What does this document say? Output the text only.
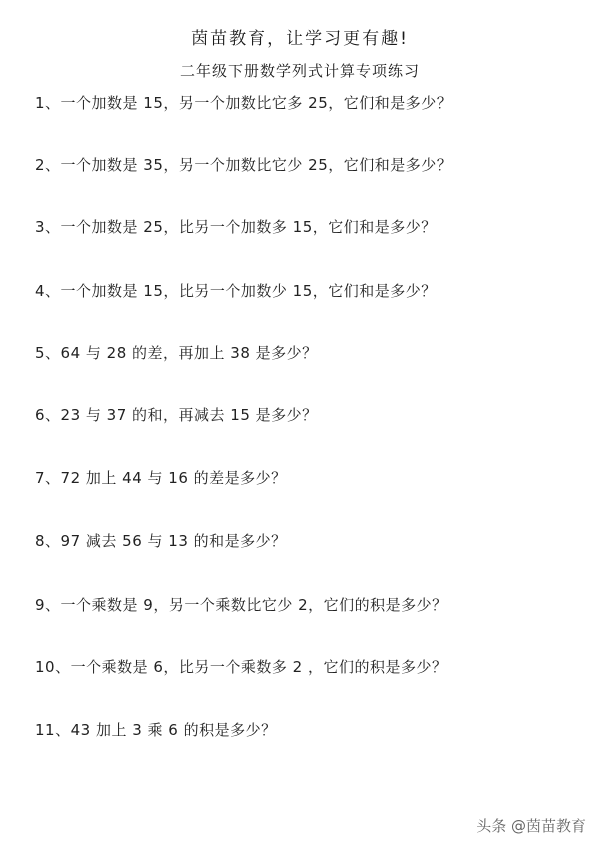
茵苗教育，让学习更有趣!
二年级下册数学列式计算专项练习
1、一个加数是 15，另一个加数比它多 25，它们和是多少？
2、一个加数是 35，另一个加数比它少 25，它们和是多少？
3、一个加数是 25，比另一个加数多 15，它们和是多少？
4、一个加数是 15，比另一个加数少 15，它们和是多少？
5、64 与 28 的差，再加上 38 是多少？
6、23 与 37 的和，再减去 15 是多少？
7、72 加上 44 与 16 的差是多少？
8、97 减去 56 与 13 的和是多少？
9、一个乘数是 9，另一个乘数比它少 2，它们的积是多少？
10、一个乘数是 6，比另一个乘数多 2 ，它们的积是多少？
11、43 加上 3 乘 6 的积是多少？
头条 @茵苗教育
